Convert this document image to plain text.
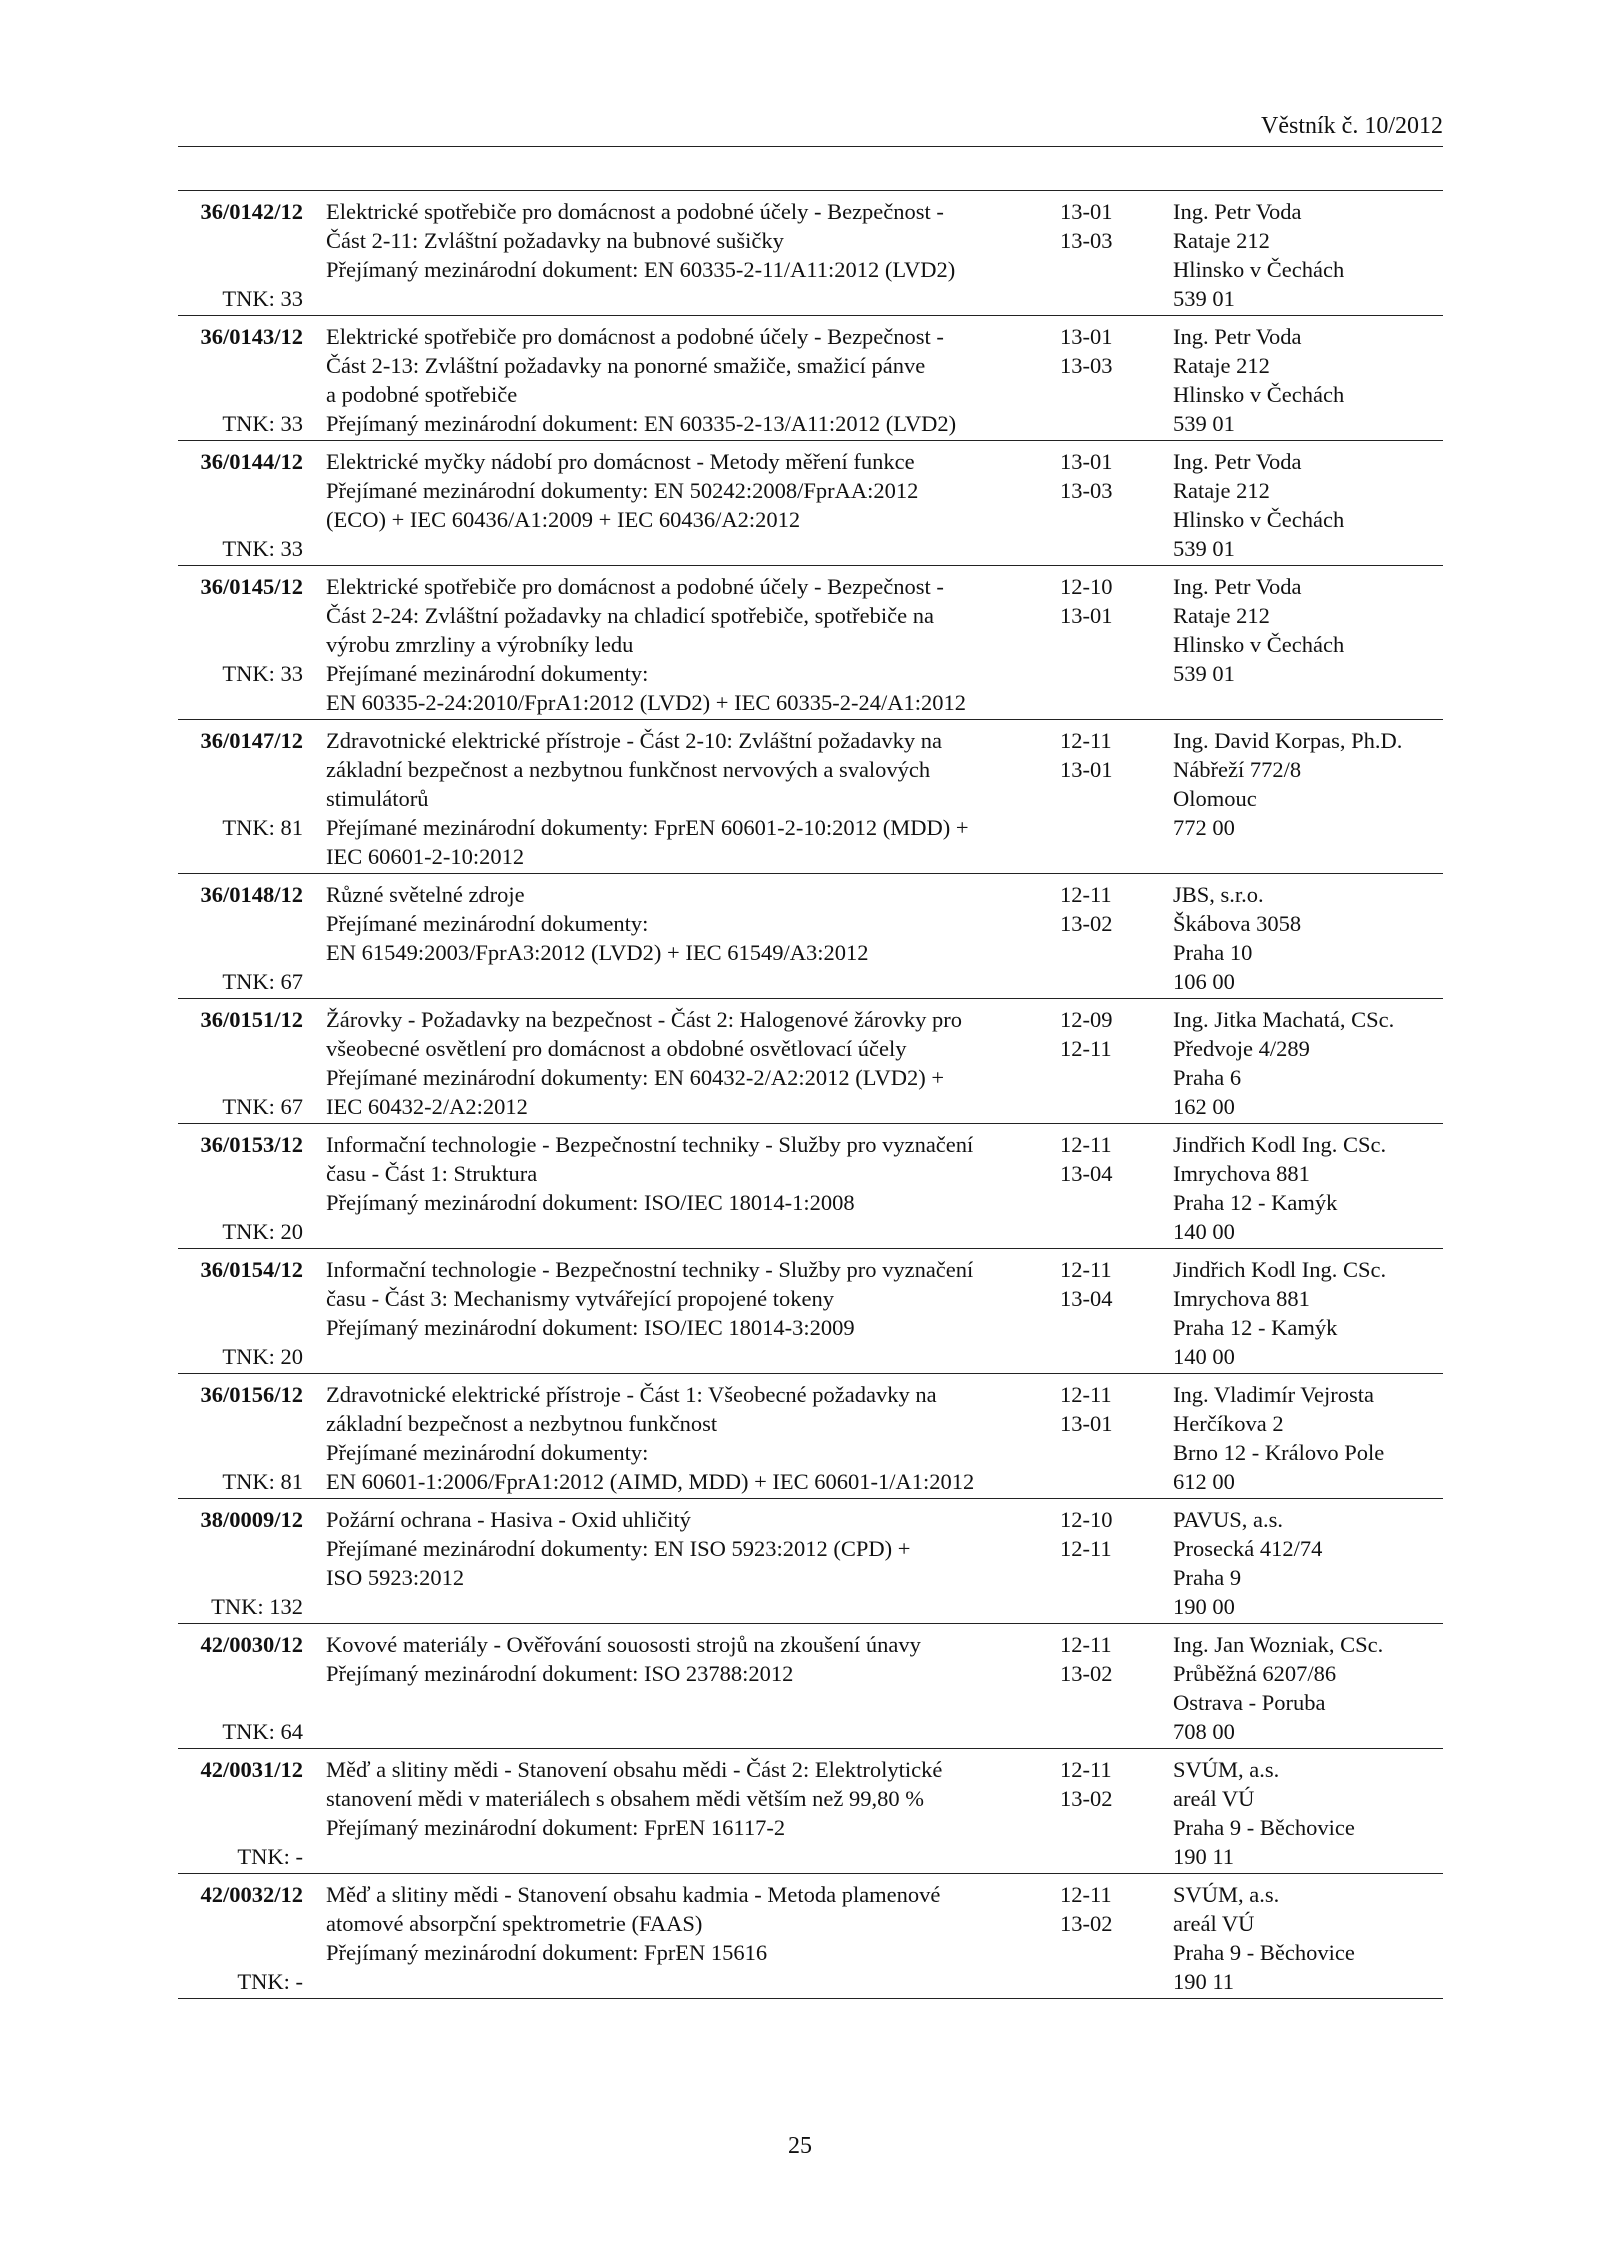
Věstník č. 10/2012
36/0142/12
TNK: 33
Elektrické spotřebiče pro domácnost a podobné účely - Bezpečnost -
Část 2-11: Zvláštní požadavky na bubnové sušičky
Přejímaný mezinárodní dokument: EN 60335-2-11/A11:2012 (LVD2)

13-01
13-03
Ing. Petr Voda
Rataje 212
Hlinsko v Čechách
539 01
36/0143/12
TNK: 33
Elektrické spotřebiče pro domácnost a podobné účely - Bezpečnost -
Část 2-13: Zvláštní požadavky na ponorné smažiče, smažicí pánve
a podobné spotřebiče
Přejímaný mezinárodní dokument: EN 60335-2-13/A11:2012 (LVD2)
13-01
13-03
Ing. Petr Voda
Rataje 212
Hlinsko v Čechách
539 01
36/0144/12
TNK: 33
Elektrické myčky nádobí pro domácnost - Metody měření funkce
Přejímané mezinárodní dokumenty: EN 50242:2008/FprAA:2012
(ECO) + IEC 60436/A1:2009 + IEC 60436/A2:2012

13-01
13-03
Ing. Petr Voda
Rataje 212
Hlinsko v Čechách
539 01
36/0145/12
TNK: 33
Elektrické spotřebiče pro domácnost a podobné účely - Bezpečnost -
Část 2-24: Zvláštní požadavky na chladicí spotřebiče, spotřebiče na
výrobu zmrzliny a výrobníky ledu
Přejímané mezinárodní dokumenty:
EN 60335-2-24:2010/FprA1:2012 (LVD2) + IEC 60335-2-24/A1:2012
12-10
13-01
Ing. Petr Voda
Rataje 212
Hlinsko v Čechách
539 01
36/0147/12
TNK: 81
Zdravotnické elektrické přístroje - Část 2-10: Zvláštní požadavky na
základní bezpečnost a nezbytnou funkčnost nervových a svalových
stimulátorů
Přejímané mezinárodní dokumenty: FprEN 60601-2-10:2012 (MDD) +
IEC 60601-2-10:2012
12-11
13-01
Ing. David Korpas, Ph.D.
Nábřeží 772/8
Olomouc
772 00
36/0148/12
TNK: 67
Různé světelné zdroje
Přejímané mezinárodní dokumenty:
EN 61549:2003/FprA3:2012 (LVD2) + IEC 61549/A3:2012

12-11
13-02
JBS, s.r.o.
Škábova 3058
Praha 10
106 00
36/0151/12
TNK: 67
Žárovky - Požadavky na bezpečnost - Část 2: Halogenové žárovky pro
všeobecné osvětlení pro domácnost a obdobné osvětlovací účely
Přejímané mezinárodní dokumenty: EN 60432-2/A2:2012 (LVD2) +
IEC 60432-2/A2:2012
12-09
12-11
Ing. Jitka Machatá, CSc.
Předvoje 4/289
Praha 6
162 00
36/0153/12
TNK: 20
Informační technologie - Bezpečnostní techniky - Služby pro vyznačení
času - Část 1: Struktura
Přejímaný mezinárodní dokument: ISO/IEC 18014-1:2008

12-11
13-04
Jindřich Kodl Ing. CSc.
Imrychova 881
Praha 12 - Kamýk
140 00
36/0154/12
TNK: 20
Informační technologie - Bezpečnostní techniky - Služby pro vyznačení
času - Část 3: Mechanismy vytvářející propojené tokeny
Přejímaný mezinárodní dokument: ISO/IEC 18014-3:2009

12-11
13-04
Jindřich Kodl Ing. CSc.
Imrychova 881
Praha 12 - Kamýk
140 00
36/0156/12
TNK: 81
Zdravotnické elektrické přístroje - Část 1: Všeobecné požadavky na
základní bezpečnost a nezbytnou funkčnost
Přejímané mezinárodní dokumenty:
EN 60601-1:2006/FprA1:2012 (AIMD, MDD) + IEC 60601-1/A1:2012
12-11
13-01
Ing. Vladimír Vejrosta
Herčíkova 2
Brno 12 - Královo Pole
612 00
38/0009/12
TNK: 132
Požární ochrana - Hasiva - Oxid uhličitý
Přejímané mezinárodní dokumenty: EN ISO 5923:2012 (CPD) +
ISO 5923:2012

12-10
12-11
PAVUS, a.s.
Prosecká 412/74
Praha 9
190 00
42/0030/12
TNK: 64
Kovové materiály - Ověřování souososti strojů na zkoušení únavy
Přejímaný mezinárodní dokument: ISO 23788:2012

12-11
13-02
Ing. Jan Wozniak, CSc.
Průběžná 6207/86
Ostrava - Poruba
708 00
42/0031/12
TNK: -
Měď a slitiny mědi - Stanovení obsahu mědi - Část 2: Elektrolytické
stanovení mědi v materiálech s obsahem mědi větším než 99,80 %
Přejímaný mezinárodní dokument: FprEN 16117-2

12-11
13-02
SVÚM, a.s.
areál VÚ
Praha 9 - Běchovice
190 11
42/0032/12
TNK: -
Měď a slitiny mědi - Stanovení obsahu kadmia - Metoda plamenové
atomové absorpční spektrometrie (FAAS)
Přejímaný mezinárodní dokument: FprEN 15616

12-11
13-02
SVÚM, a.s.
areál VÚ
Praha 9 - Běchovice
190 11
25
